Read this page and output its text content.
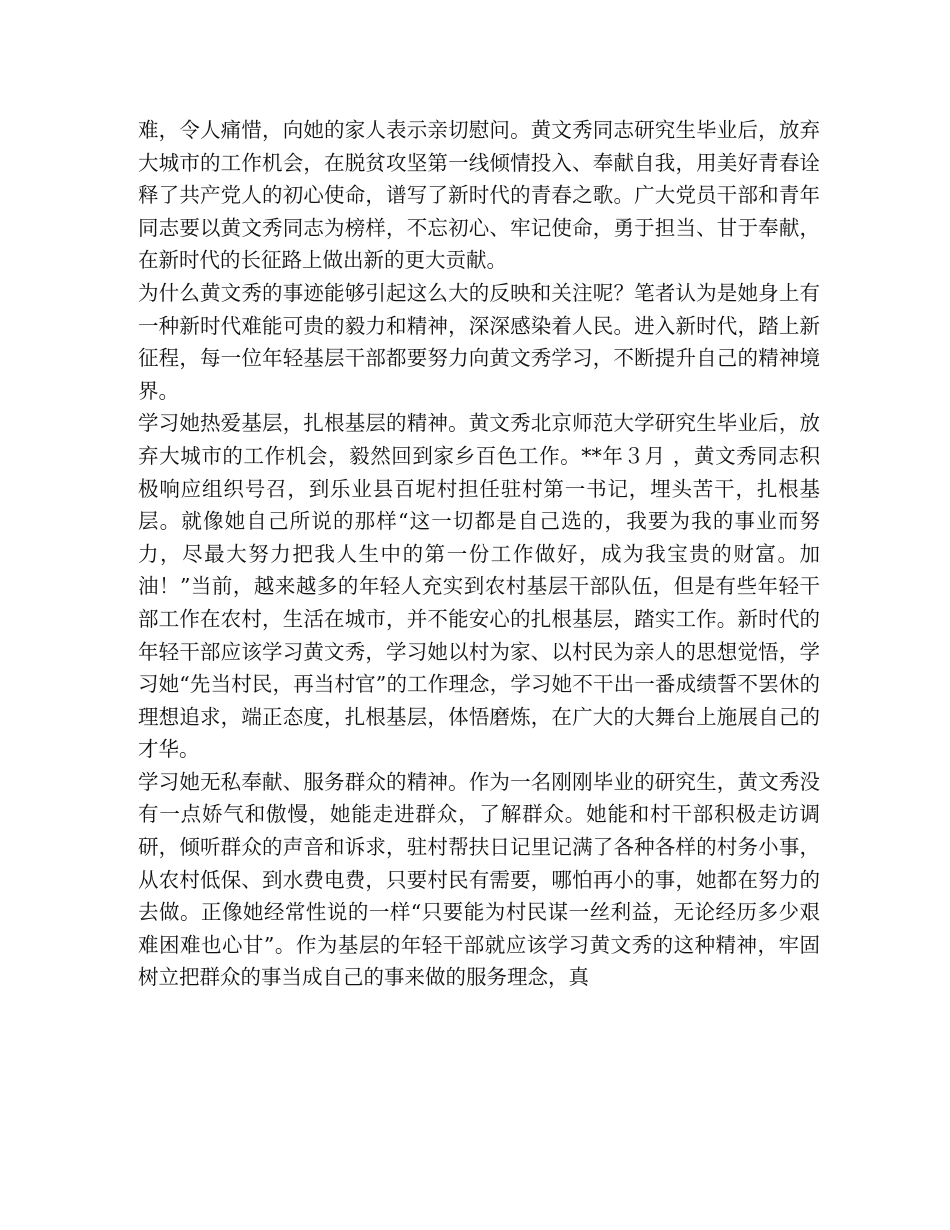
难，令人痛惜，向她的家人表示亲切慰问。黄文秀同志研究生毕业后，放弃大城市的工作机会，在脱贫攻坚第一线倾情投入、奉献自我，用美好青春诠释了共产党人的初心使命，谱写了新时代的青春之歌。广大党员干部和青年同志要以黄文秀同志为榜样，不忘初心、牢记使命，勇于担当、甘于奉献，在新时代的长征路上做出新的更大贡献。

为什么黄文秀的事迹能够引起这么大的反映和关注呢？笔者认为是她身上有一种新时代难能可贵的毅力和精神，深深感染着人民。进入新时代，踏上新征程，每一位年轻基层干部都要努力向黄文秀学习，不断提升自己的精神境界。

学习她热爱基层，扎根基层的精神。黄文秀北京师范大学研究生毕业后，放弃大城市的工作机会，毅然回到家乡百色工作。**年３月 ，黄文秀同志积极响应组织号召，到乐业县百坭村担任驻村第一书记，埋头苦干，扎根基层。就像她自己所说的那样“这一切都是自己选的，我要为我的事业而努力，尽最大努力把我人生中的第一份工作做好，成为我宝贵的财富。加油！”当前，越来越多的年轻人充实到农村基层干部队伍，但是有些年轻干部工作在农村，生活在城市，并不能安心的扎根基层，踏实工作。新时代的年轻干部应该学习黄文秀，学习她以村为家、以村民为亲人的思想觉悟，学习她“先当村民，再当村官”的工作理念，学习她不干出一番成绩誓不罢休的理想追求，端正态度，扎根基层，体悟磨炼，在广大的大舞台上施展自己的才华。

学习她无私奉献、服务群众的精神。作为一名刚刚毕业的研究生，黄文秀没有一点娇气和傲慢，她能走进群众，了解群众。她能和村干部积极走访调研，倾听群众的声音和诉求，驻村帮扶日记里记满了各种各样的村务小事，从农村低保、到水费电费，只要村民有需要，哪怕再小的事，她都在努力的去做。正像她经常性说的一样“只要能为村民谋一丝利益，无论经历多少艰难困难也心甘”。作为基层的年轻干部就应该学习黄文秀的这种精神，牢固树立把群众的事当成自己的事来做的服务理念，真
